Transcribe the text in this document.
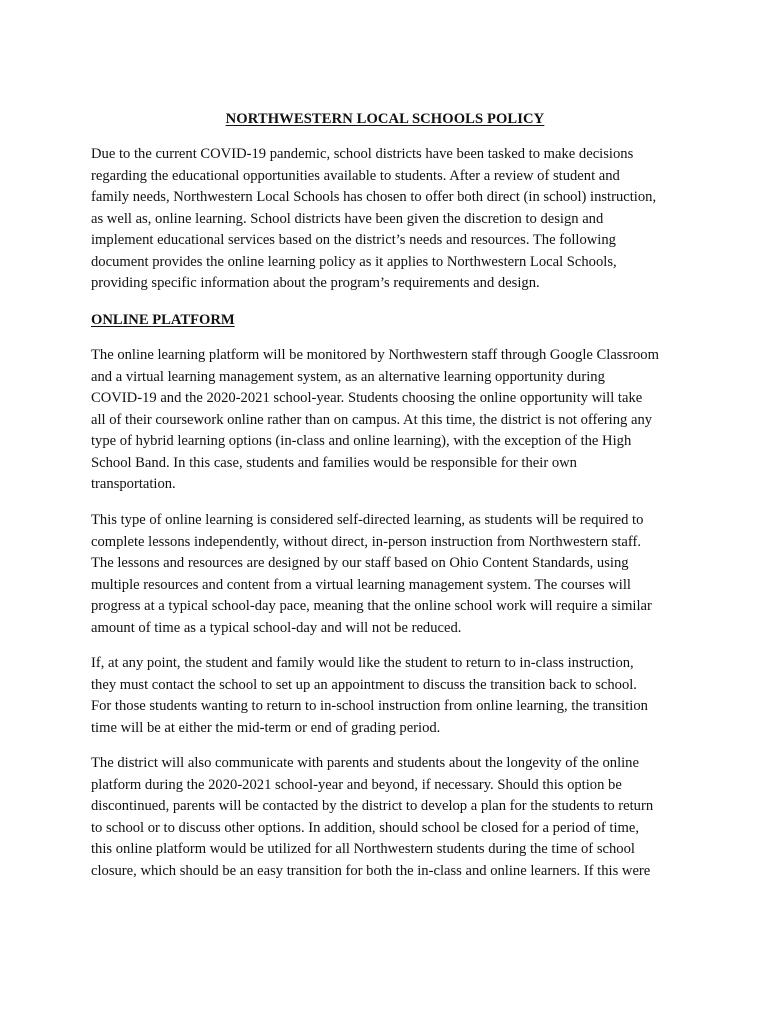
NORTHWESTERN LOCAL SCHOOLS POLICY
Due to the current COVID-19 pandemic, school districts have been tasked to make decisions
regarding the educational opportunities available to students. After a review of student and
family needs, Northwestern Local Schools has chosen to offer both direct (in school) instruction,
as well as, online learning. School districts have been given the discretion to design and
implement educational services based on the district’s needs and resources. The following
document provides the online learning policy as it applies to Northwestern Local Schools,
providing specific information about the program’s requirements and design.
ONLINE PLATFORM
The online learning platform will be monitored by Northwestern staff through Google Classroom
and a virtual learning management system, as an alternative learning opportunity during
COVID-19 and the 2020-2021 school-year. Students choosing the online opportunity will take
all of their coursework online rather than on campus. At this time, the district is not offering any
type of hybrid learning options (in-class and online learning), with the exception of the High
School Band. In this case, students and families would be responsible for their own
transportation.
This type of online learning is considered self-directed learning, as students will be required to
complete lessons independently, without direct, in-person instruction from Northwestern staff.
The lessons and resources are designed by our staff based on Ohio Content Standards, using
multiple resources and content from a virtual learning management system. The courses will
progress at a typical school-day pace, meaning that the online school work will require a similar
amount of time as a typical school-day and will not be reduced.
If, at any point, the student and family would like the student to return to in-class instruction,
they must contact the school to set up an appointment to discuss the transition back to school.
For those students wanting to return to in-school instruction from online learning, the transition
time will be at either the mid-term or end of grading period.
The district will also communicate with parents and students about the longevity of the online
platform during the 2020-2021 school-year and beyond, if necessary. Should this option be
discontinued, parents will be contacted by the district to develop a plan for the students to return
to school or to discuss other options. In addition, should school be closed for a period of time,
this online platform would be utilized for all Northwestern students during the time of school
closure, which should be an easy transition for both the in-class and online learners. If this were
